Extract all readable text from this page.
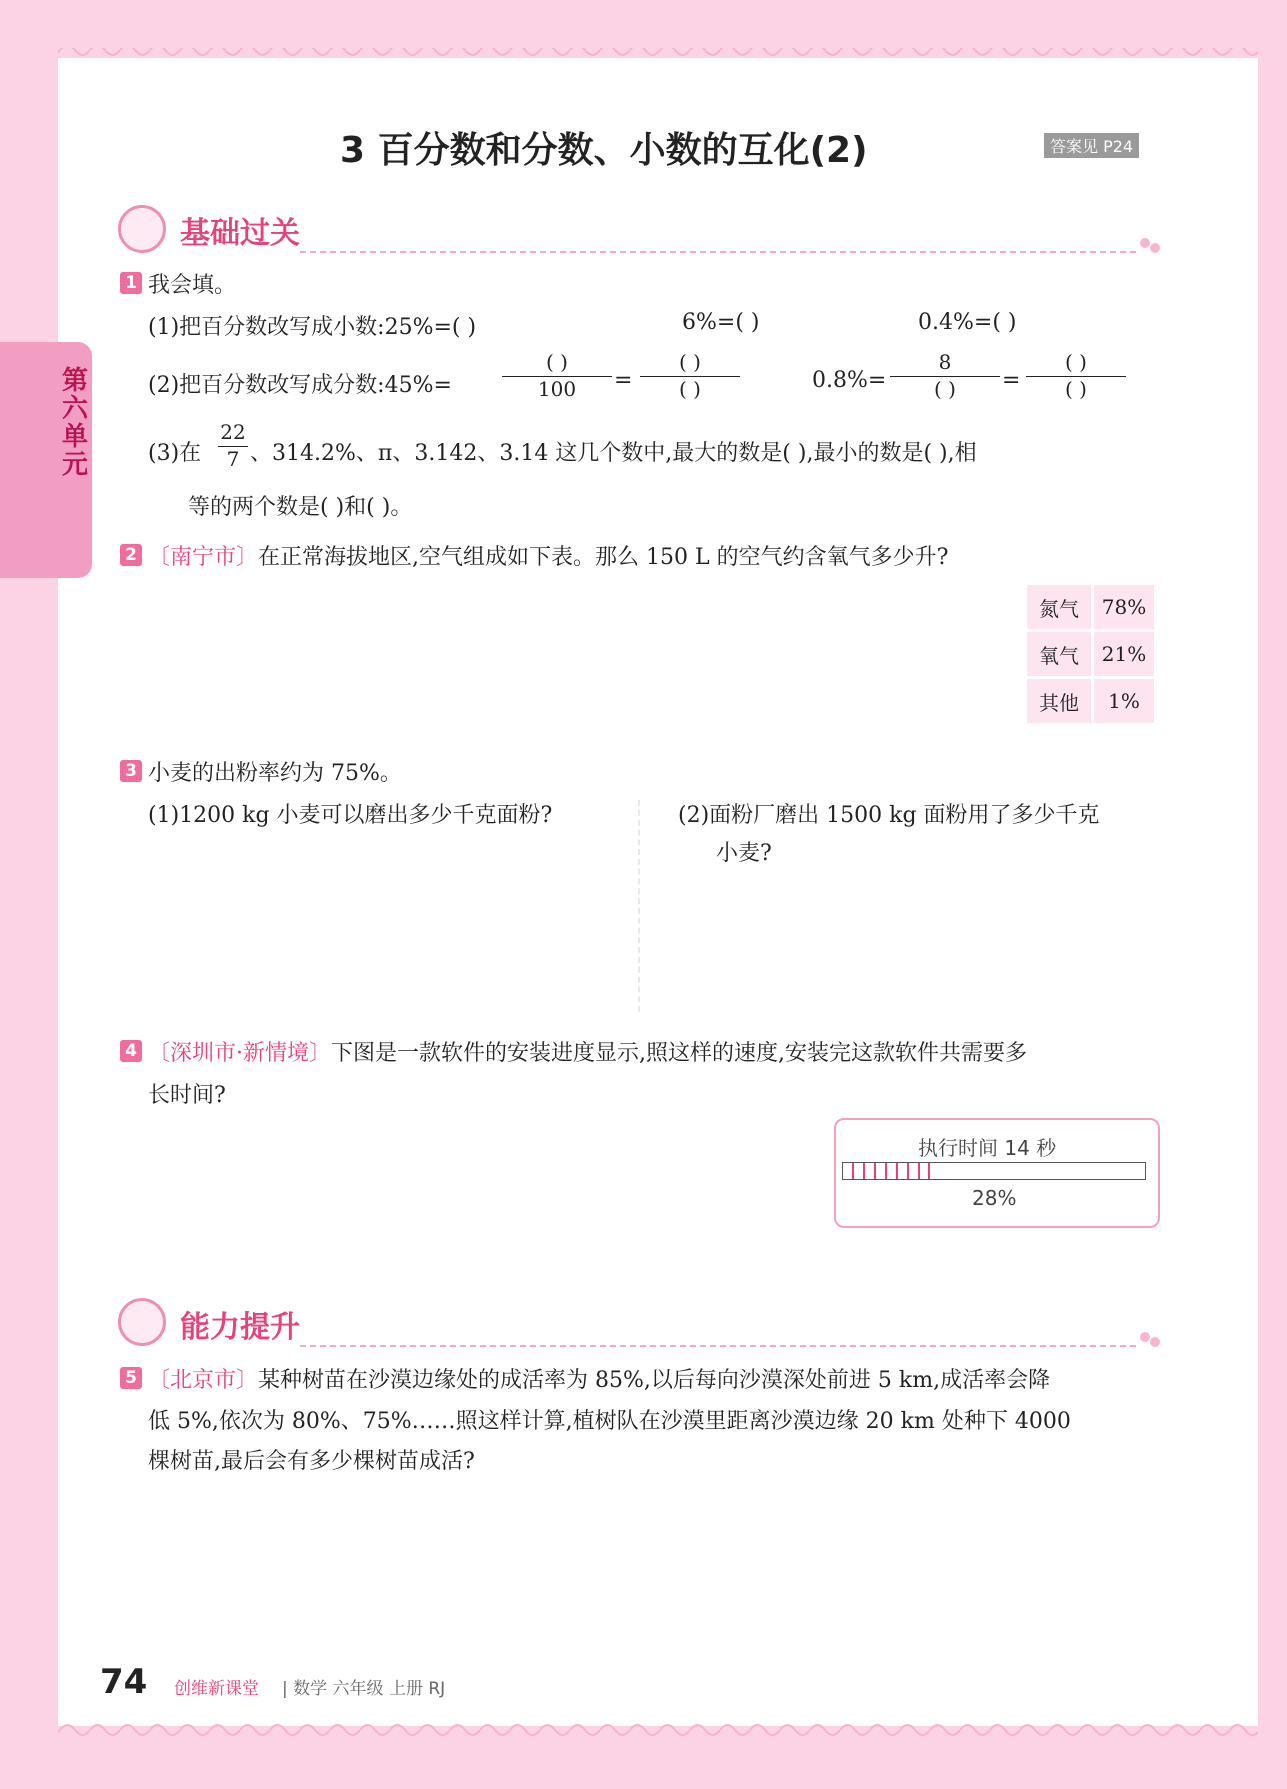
第六单元
3 百分数和分数、小数的互化(2)	答案见 P24
基础过关
1 我会填。
(1)把百分数改写成小数:25%=( )	6%=( )	0.4%=( )
(2)把百分数改写成分数:45%=
( )
100	=
( )
( )	0.8%=
8
( )	=
( )
( )
(3)在 $\frac{22}{7}$ 、314.2%、π、3.142、3.14 这几个数中,最大的数是( ),最小的数是( ),相
等的两个数是( )和( )。
2 〔南宁市〕在正常海拔地区,空气组成如下表。那么 150 L 的空气约含氧气多少升?
氮气	78%
氧气	21%
其他	1%
3 小麦的出粉率约为 75%。
(1)1200 kg 小麦可以磨出多少千克面粉?	(2)面粉厂磨出 1500 kg 面粉用了多少千克
小麦?
4 〔深圳市·新情境〕下图是一款软件的安装进度显示,照这样的速度,安装完这款软件共需要多
长时间?
执行时间 14 秒
28%
能力提升
5 〔北京市〕某种树苗在沙漠边缘处的成活率为 85%,以后每向沙漠深处前进 5 km,成活率会降
低 5%,依次为 80%、75%……照这样计算,植树队在沙漠里距离沙漠边缘 20 km 处种下 4000
棵树苗,最后会有多少棵树苗成活?
74 创维新课堂 | 数学 六年级 上册 RJ
